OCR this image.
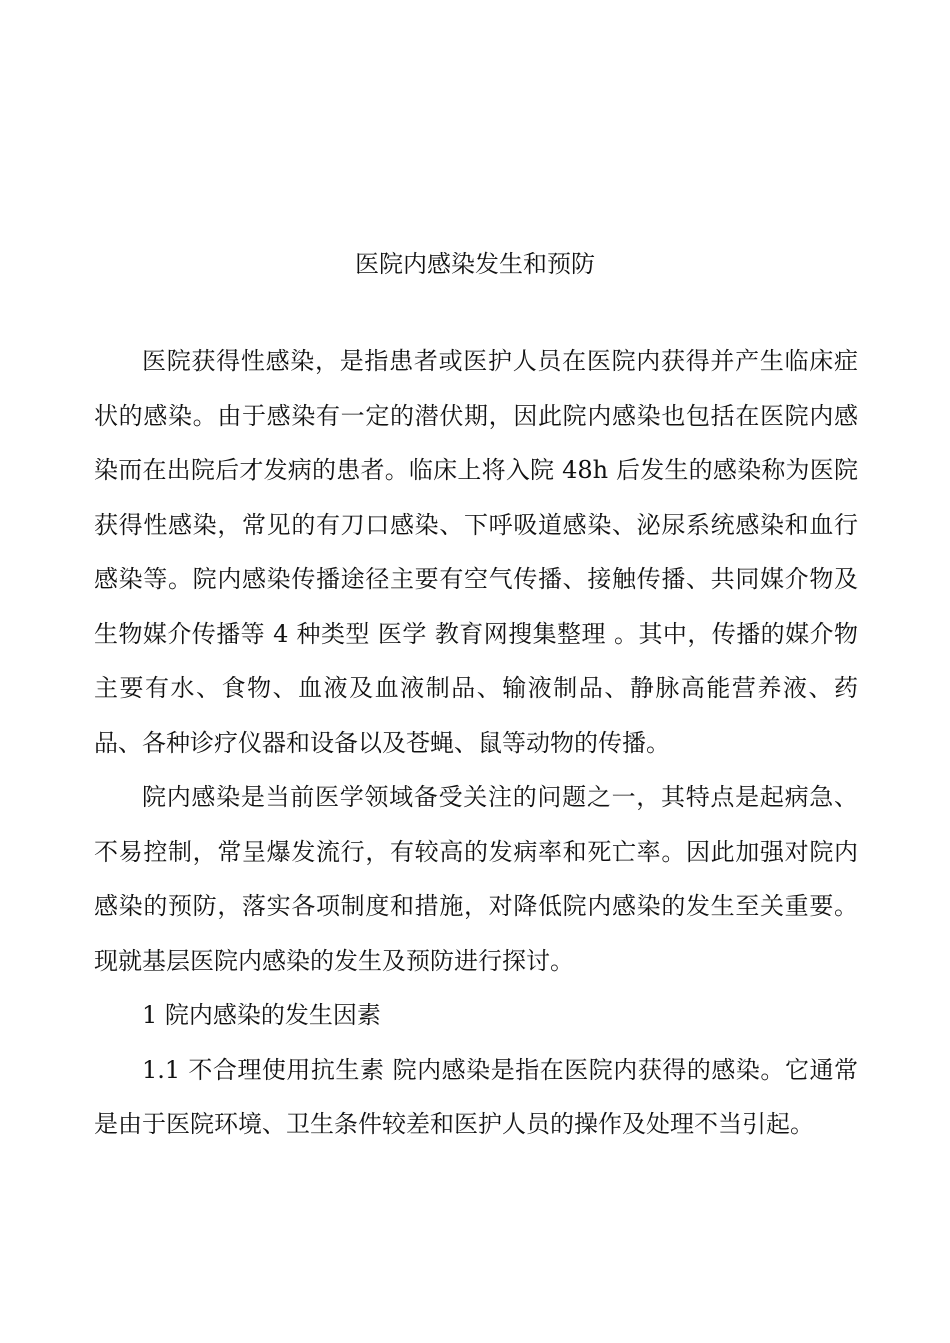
医院内感染发生和预防

医院获得性感染，是指患者或医护人员在医院内获得并产生临床症状的感染。由于感染有一定的潜伏期，因此院内感染也包括在医院内感染而在出院后才发病的患者。临床上将入院 48h 后发生的感染称为医院获得性感染，常见的有刀口感染、下呼吸道感染、泌尿系统感染和血行感染等。院内感染传播途径主要有空气传播、接触传播、共同媒介物及生物媒介传播等 4 种类型 医学 教育网搜集整理 。其中，传播的媒介物主要有水、食物、血液及血液制品、输液制品、静脉高能营养液、药品、各种诊疗仪器和设备以及苍蝇、鼠等动物的传播。

院内感染是当前医学领域备受关注的问题之一，其特点是起病急、不易控制，常呈爆发流行，有较高的发病率和死亡率。因此加强对院内感染的预防，落实各项制度和措施，对降低院内感染的发生至关重要。现就基层医院内感染的发生及预防进行探讨。

1 院内感染的发生因素

1.1 不合理使用抗生素 院内感染是指在医院内获得的感染。它通常是由于医院环境、卫生条件较差和医护人员的操作及处理不当引起。
